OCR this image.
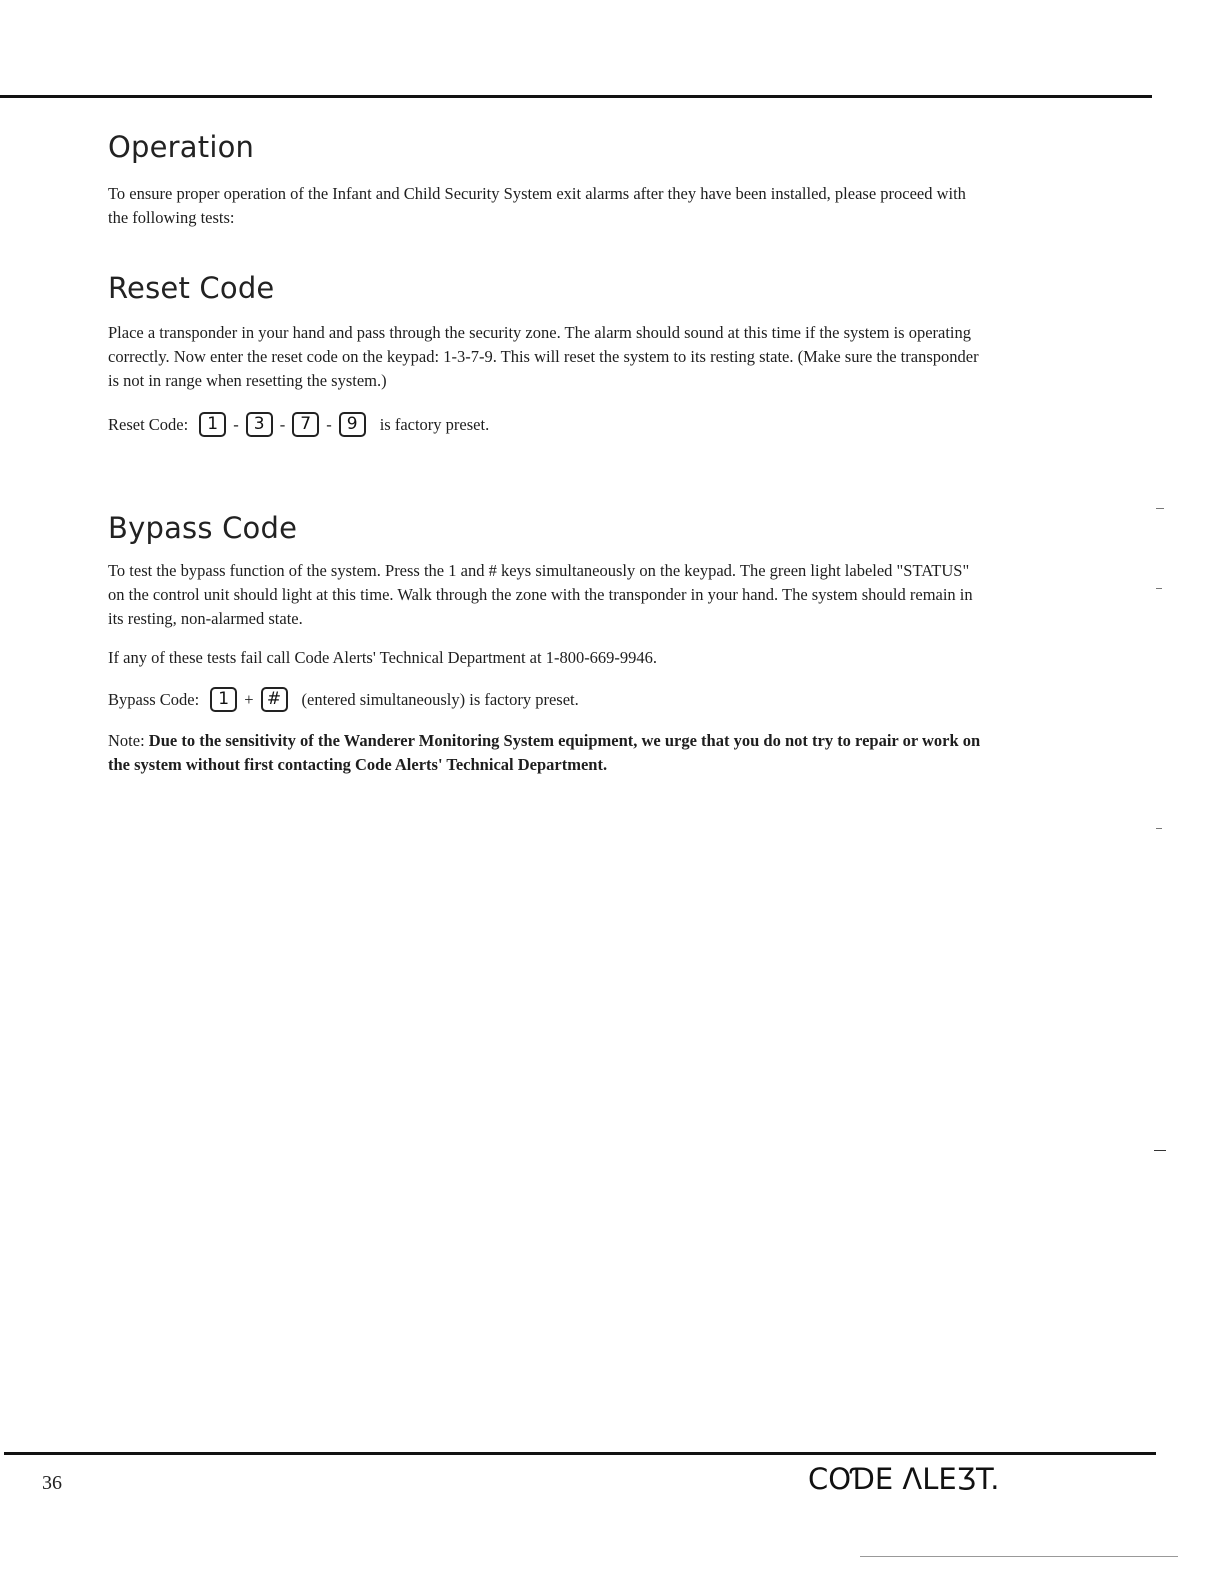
Operation

To ensure proper operation of the Infant and Child Security System exit alarms after they have been installed, please proceed with the following tests:

Reset Code

Place a transponder in your hand and pass through the security zone. The alarm should sound at this time if the system is operating correctly. Now enter the reset code on the keypad: 1-3-7-9. This will reset the system to its resting state. (Make sure the transponder is not in range when resetting the system.)

Reset Code:	1 - 3 - 7 - 9	is factory preset.
Bypass Code

To test the bypass function of the system. Press the 1 and # keys simultaneously on the keypad. The green light labeled "STATUS" on the control unit should light at this time. Walk through the zone with the transponder in your hand. The system should remain in its resting, non-alarmed state.

If any of these tests fail call Code Alerts' Technical Department at 1-800-669-9946.

Bypass Code:	1 + #	(entered simultaneously) is factory preset.

Note: Due to the sensitivity of the Wanderer Monitoring System equipment, we urge that you do not try to repair or work on the system without first contacting Code Alerts' Technical Department.

36	COƊE ɅLEƷT.
